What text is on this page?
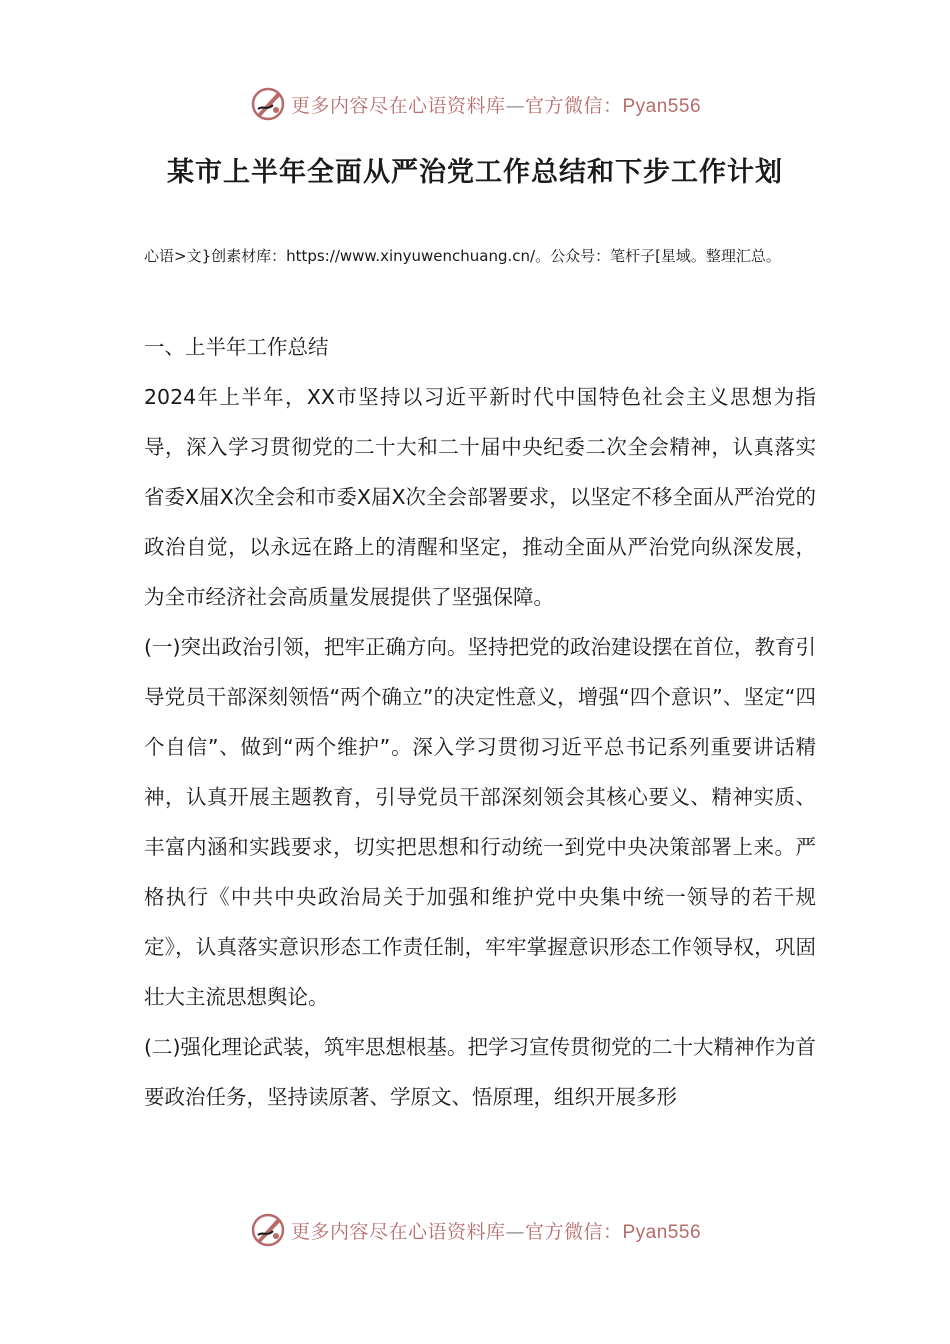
更多内容尽在心语资料库—官方微信：Pyan556
某市上半年全面从严治党工作总结和下步工作计划
心语>文}创素材库：https://www.xinyuwenchuang.cn/。公众号：笔杆子[星域。整理汇总。

一、上半年工作总结

2024年上半年，XX市坚持以习近平新时代中国特色社会主义思想为指导，深入学习贯彻党的二十大和二十届中央纪委二次全会精神，认真落实省委X届X次全会和市委X届X次全会部署要求，以坚定不移全面从严治党的政治自觉，以永远在路上的清醒和坚定，推动全面从严治党向纵深发展，为全市经济社会高质量发展提供了坚强保障。

(一)突出政治引领，把牢正确方向。坚持把党的政治建设摆在首位，教育引导党员干部深刻领悟“两个确立”的决定性意义，增强“四个意识”、坚定“四个自信”、做到“两个维护”。深入学习贯彻习近平总书记系列重要讲话精神，认真开展主题教育，引导党员干部深刻领会其核心要义、精神实质、丰富内涵和实践要求，切实把思想和行动统一到党中央决策部署上来。严格执行《中共中央政治局关于加强和维护党中央集中统一领导的若干规定》，认真落实意识形态工作责任制，牢牢掌握意识形态工作领导权，巩固壮大主流思想舆论。

(二)强化理论武装，筑牢思想根基。把学习宣传贯彻党的二十大精神作为首要政治任务，坚持读原著、学原文、悟原理，组织开展多形

更多内容尽在心语资料库—官方微信：Pyan556
